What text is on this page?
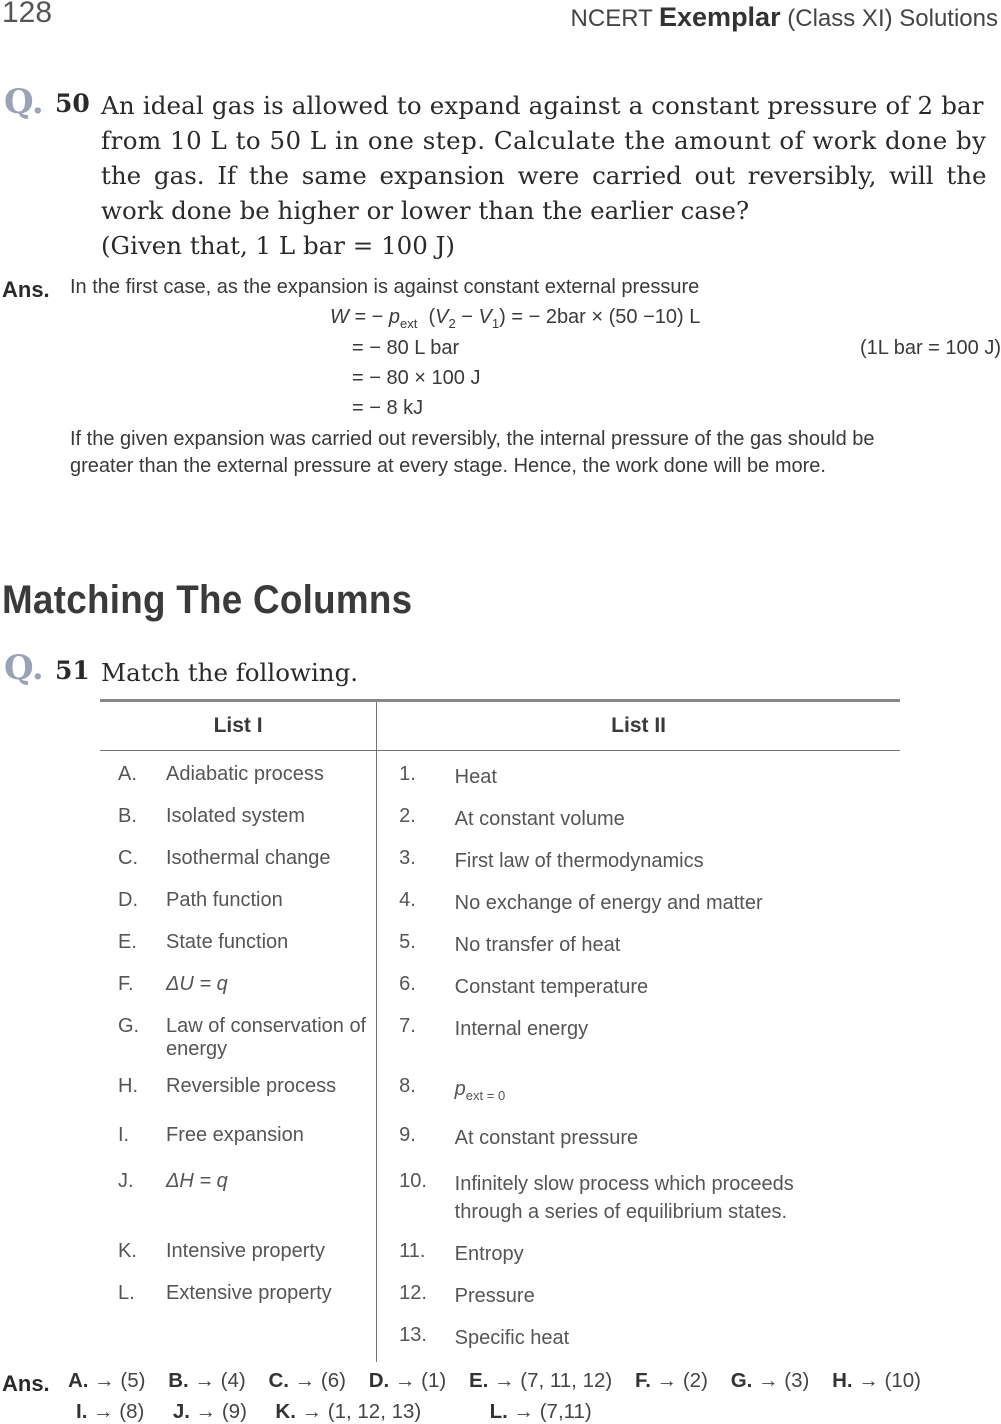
128	NCERT Exemplar (Class XI) Solutions
Q. 50 An ideal gas is allowed to expand against a constant pressure of 2 bar
from 10 L to 50 L in one step. Calculate the amount of work done by
the gas. If the same expansion were carried out reversibly, will the
work done be higher or lower than the earlier case?
(Given that, 1 L bar = 100 J)
Ans. In the first case, as the expansion is against constant external pressure
W = − $p_{ext}$  $(V_2 - V_1)$ = − 2bar × (50 −10) L
= − 80 L bar	(1L bar = 100 J)
= − 80 × 100 J
= − 8 kJ
If the given expansion was carried out reversibly, the internal pressure of the gas should be
greater than the external pressure at every stage. Hence, the work done will be more.
Matching The Columns
Q. 51 Match the following.
List I		List II	
A.	Adiabatic process	1.	Heat
B.	Isolated system	2.	At constant volume
C.	Isothermal change	3.	First law of thermodynamics
D.	Path function	4.	No exchange of energy and matter
E.	State function	5.	No transfer of heat
F.	ΔU = q	6.	Constant temperature
G.	Law of conservation of energy	7.	Internal energy
H.	Reversible process	8.	$p_{ext = 0}$
I.	Free expansion	9.	At constant pressure
J.	ΔH = q	10.	Infinitely slow process which proceeds through a series of equilibrium states.
K.	Intensive property	11.	Entropy
L.	Extensive property	12.	Pressure
		13.	Specific heat
Ans. A. → (5) B. → (4) C. → (6) D. → (1) E. → (7, 11, 12) F. → (2) G. → (3) H. → (10)
I. → (8) J. → (9) K. → (1, 12, 13)	L. → (7,11)
